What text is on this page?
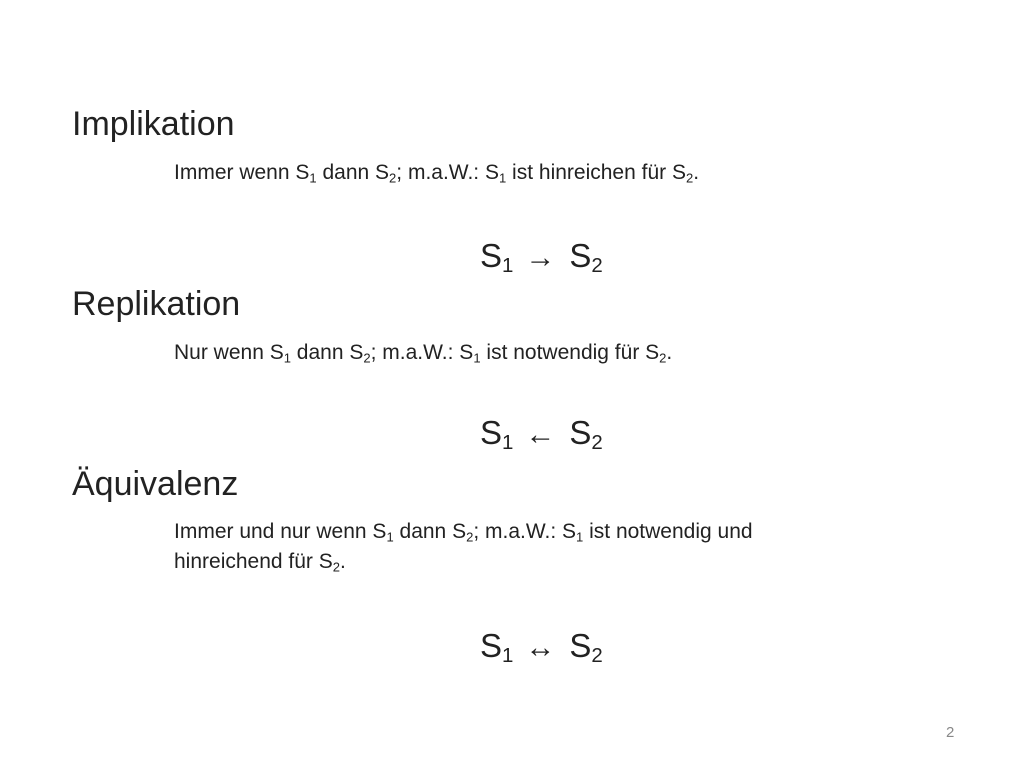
Implikation
Immer wenn $S_1$ dann $S_2$; m.a.W.: $S_1$ ist hinreichen für $S_2$.
$S_1 \to S_2$
Replikation
Nur wenn $S_1$ dann $S_2$; m.a.W.: $S_1$ ist notwendig für $S_2$.
$S_1$ ← $S_2$
Äquivalenz
Immer und nur wenn $S_1$ dann $S_2$; m.a.W.: $S_1$ ist notwendig und
hinreichend für $S_2$.
$S_1$ ↔ $S_2$
2
